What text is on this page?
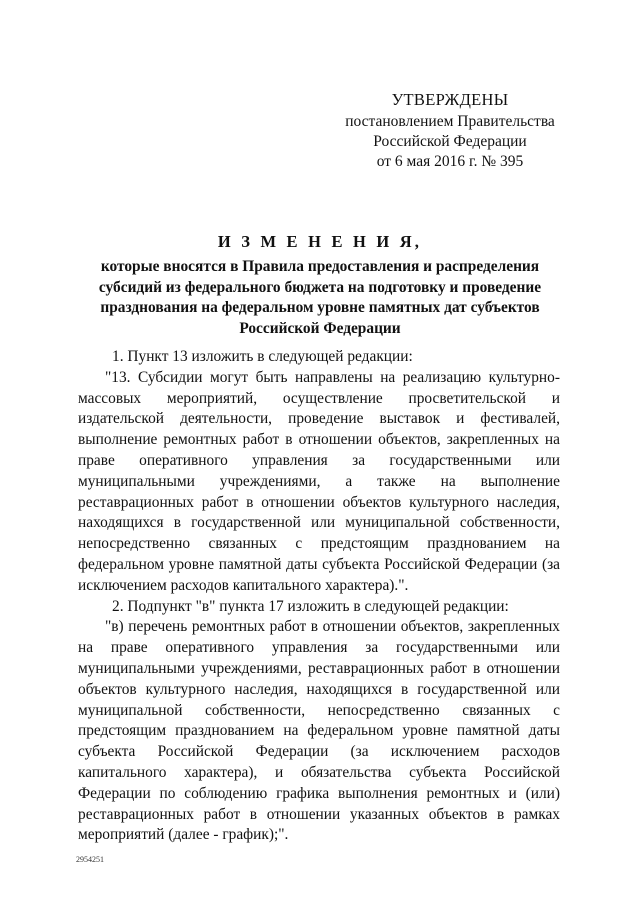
УТВЕРЖДЕНЫ
постановлением Правительства
Российской Федерации
от 6 мая 2016 г. № 395
И З М Е Н Е Н И Я,
которые вносятся в Правила предоставления и распределения субсидий из федерального бюджета на подготовку и проведение празднования на федеральном уровне памятных дат субъектов Российской Федерации

1. Пункт 13 изложить в следующей редакции:

"13. Субсидии могут быть направлены на реализацию культурно-массовых мероприятий, осуществление просветительской и издательской деятельности, проведение выставок и фестивалей, выполнение ремонтных работ в отношении объектов, закрепленных на праве оперативного управления за государственными или муниципальными учреждениями, а также на выполнение реставрационных работ в отношении объектов культурного наследия, находящихся в государственной или муниципальной собственности, непосредственно связанных с предстоящим празднованием на федеральном уровне памятной даты субъекта Российской Федерации (за исключением расходов капитального характера).".

2. Подпункт "в" пункта 17 изложить в следующей редакции:

"в) перечень ремонтных работ в отношении объектов, закрепленных на праве оперативного управления за государственными или муниципальными учреждениями, реставрационных работ в отношении объектов культурного наследия, находящихся в государственной или муниципальной собственности, непосредственно связанных с предстоящим празднованием на федеральном уровне памятной даты субъекта Российской Федерации (за исключением расходов капитального характера), и обязательства субъекта Российской Федерации по соблюдению графика выполнения ремонтных и (или) реставрационных работ в отношении указанных объектов в рамках мероприятий (далее - график);".

2954251
